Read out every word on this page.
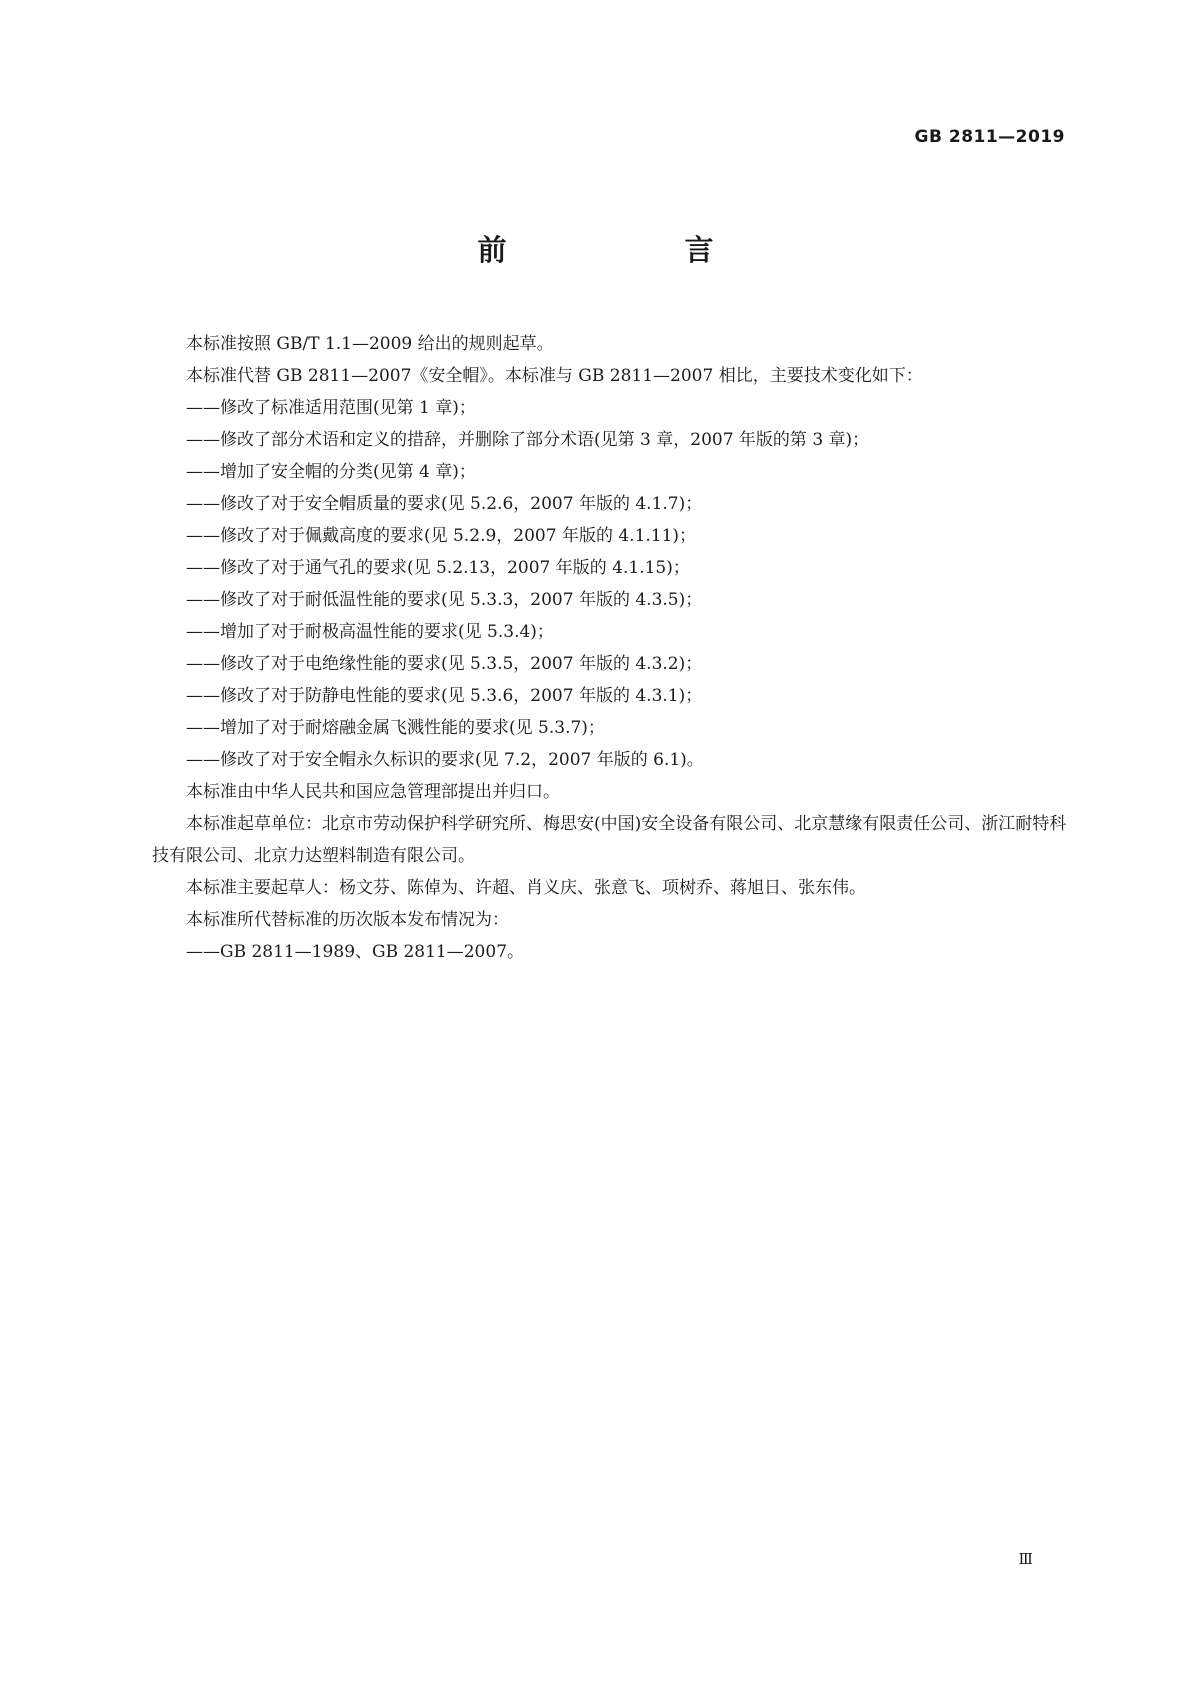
GB 2811—2019
前　　言

本标准按照 GB/T 1.1—2009 给出的规则起草。

本标准代替 GB 2811—2007《安全帽》。本标准与 GB 2811—2007 相比，主要技术变化如下：

——修改了标准适用范围(见第 1 章)；

——修改了部分术语和定义的措辞，并删除了部分术语(见第 3 章，2007 年版的第 3 章)；

——增加了安全帽的分类(见第 4 章)；

——修改了对于安全帽质量的要求(见 5.2.6，2007 年版的 4.1.7)；

——修改了对于佩戴高度的要求(见 5.2.9，2007 年版的 4.1.11)；

——修改了对于通气孔的要求(见 5.2.13，2007 年版的 4.1.15)；

——修改了对于耐低温性能的要求(见 5.3.3，2007 年版的 4.3.5)；

——增加了对于耐极高温性能的要求(见 5.3.4)；

——修改了对于电绝缘性能的要求(见 5.3.5，2007 年版的 4.3.2)；

——修改了对于防静电性能的要求(见 5.3.6，2007 年版的 4.3.1)；

——增加了对于耐熔融金属飞溅性能的要求(见 5.3.7)；

——修改了对于安全帽永久标识的要求(见 7.2，2007 年版的 6.1)。

本标准由中华人民共和国应急管理部提出并归口。

本标准起草单位：北京市劳动保护科学研究所、梅思安(中国)安全设备有限公司、北京慧缘有限责任公司、浙江耐特科技有限公司、北京力达塑料制造有限公司。

本标准主要起草人：杨文芬、陈倬为、许超、肖义庆、张意飞、项树乔、蒋旭日、张东伟。

本标准所代替标准的历次版本发布情况为：

——GB 2811—1989、GB 2811—2007。

Ⅲ
